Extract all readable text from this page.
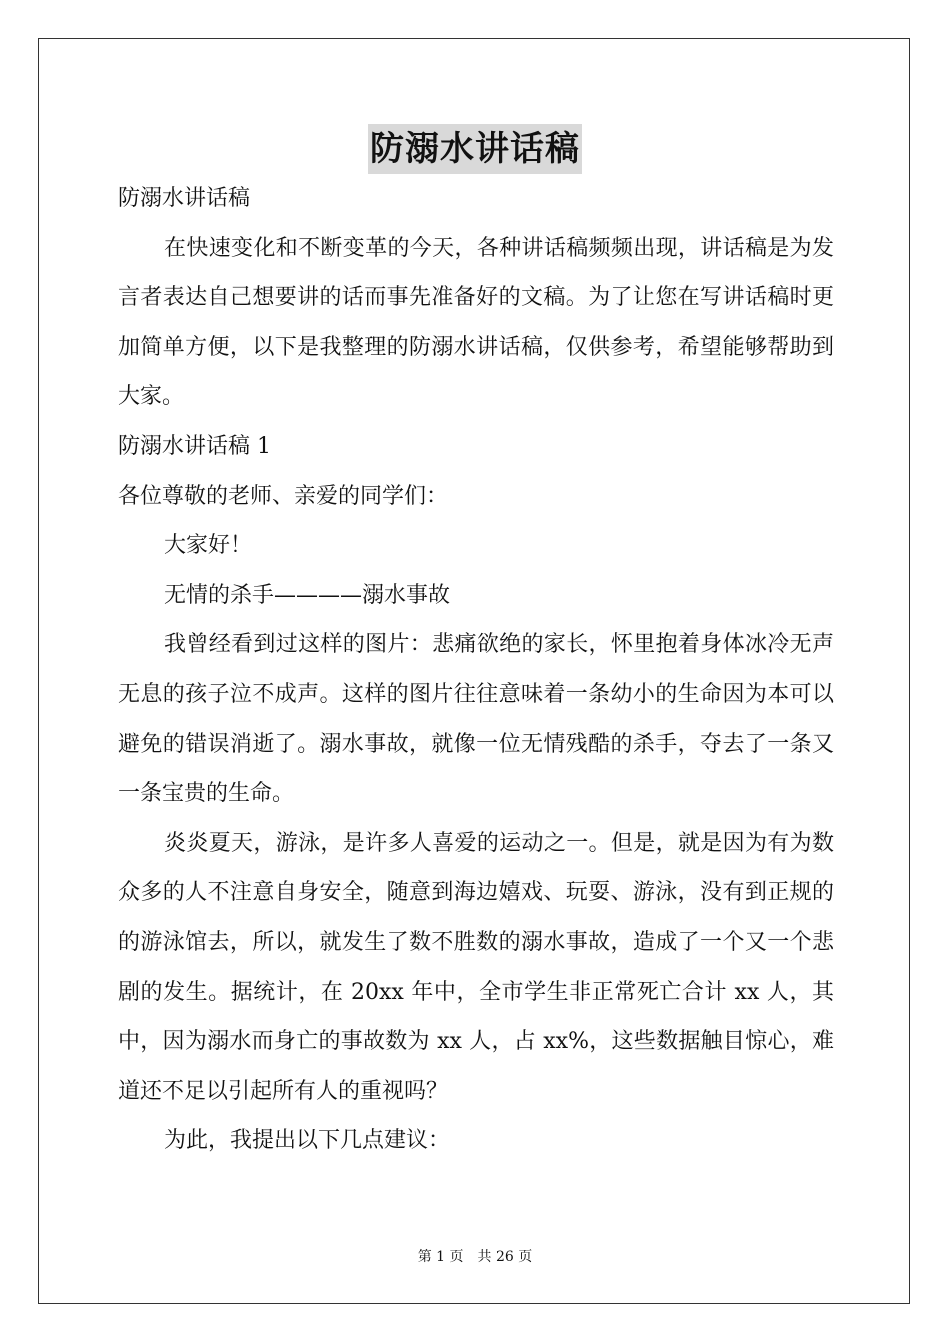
防溺水讲话稿

防溺水讲话稿

在快速变化和不断变革的今天，各种讲话稿频频出现，讲话稿是为发言者表达自己想要讲的话而事先准备好的文稿。为了让您在写讲话稿时更加简单方便，以下是我整理的防溺水讲话稿，仅供参考，希望能够帮助到大家。

防溺水讲话稿 1

各位尊敬的老师、亲爱的同学们：

大家好！

无情的杀手————溺水事故

我曾经看到过这样的图片：悲痛欲绝的家长，怀里抱着身体冰冷无声无息的孩子泣不成声。这样的图片往往意味着一条幼小的生命因为本可以避免的错误消逝了。溺水事故，就像一位无情残酷的杀手，夺去了一条又一条宝贵的生命。

炎炎夏天，游泳，是许多人喜爱的运动之一。但是，就是因为有为数众多的人不注意自身安全，随意到海边嬉戏、玩耍、游泳，没有到正规的的游泳馆去，所以，就发生了数不胜数的溺水事故，造成了一个又一个悲剧的发生。据统计，在 20xx 年中，全市学生非正常死亡合计 xx 人，其中，因为溺水而身亡的事故数为 xx 人，占 xx%，这些数据触目惊心，难道还不足以引起所有人的重视吗？

为此，我提出以下几点建议：

第 1 页　共 26 页
